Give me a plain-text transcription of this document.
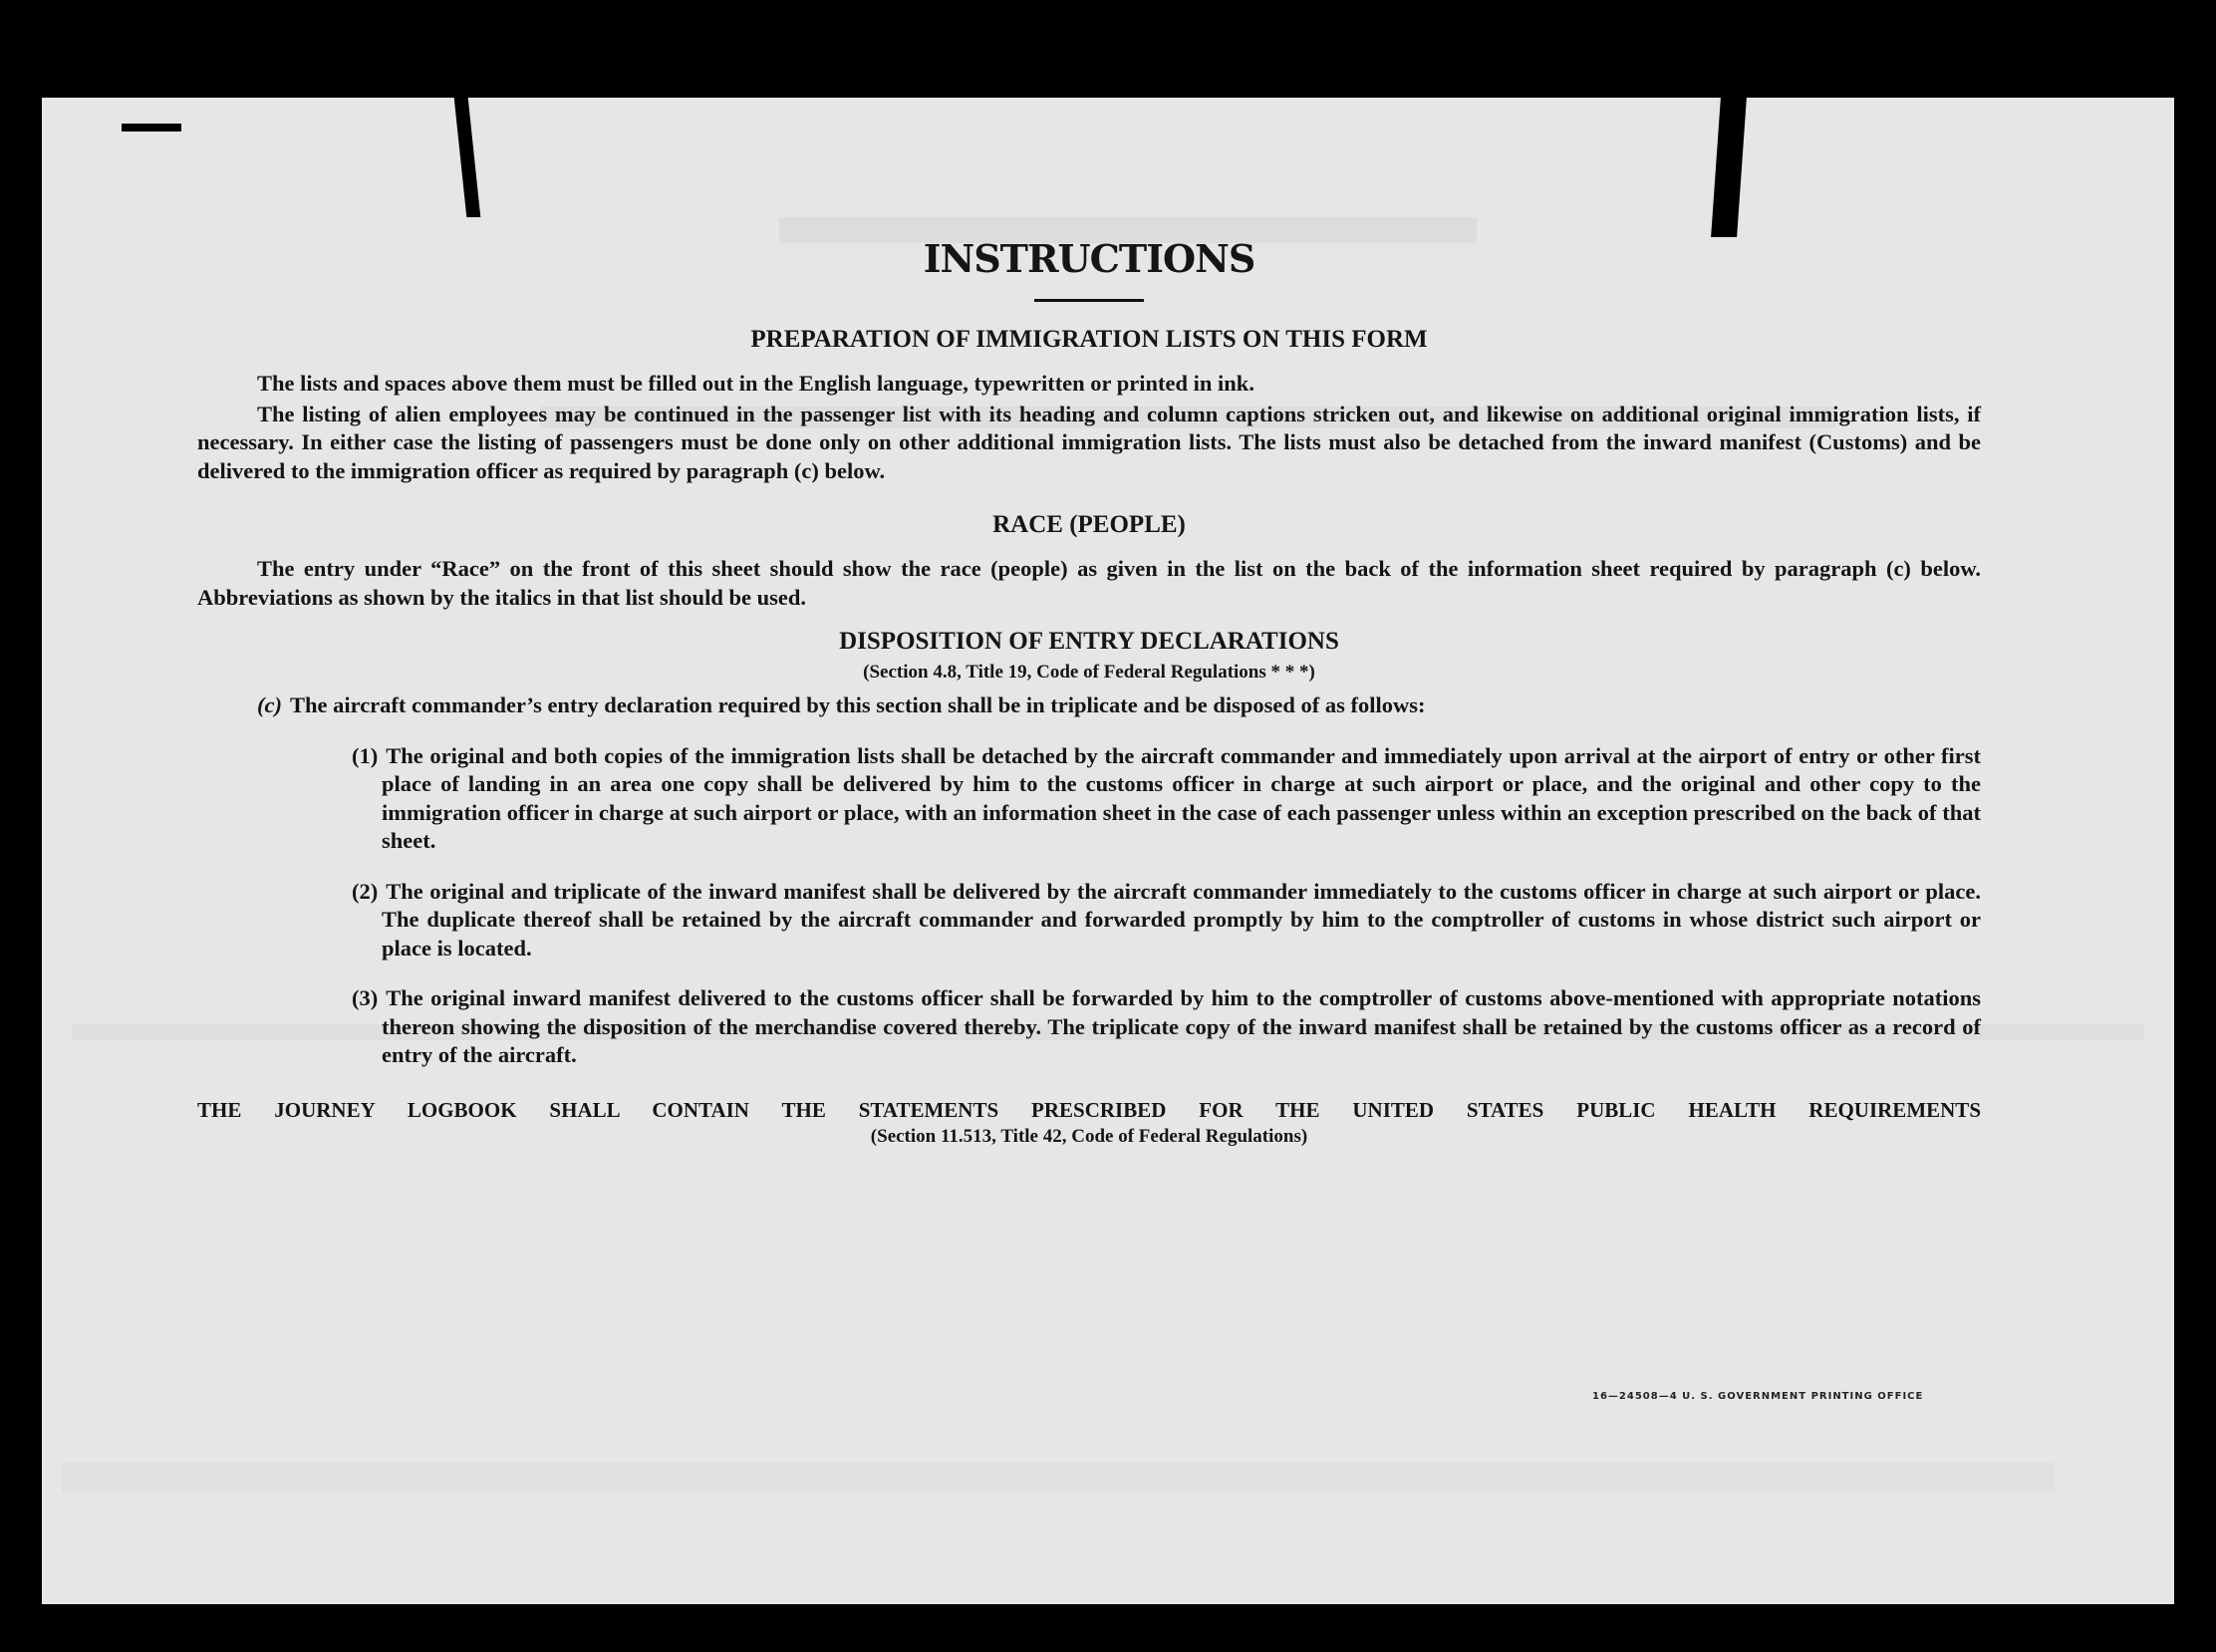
16—24508—4 U. S. GOVERNMENT PRINTING OFFICE
INSTRUCTIONS
PREPARATION OF IMMIGRATION LISTS ON THIS FORM

The lists and spaces above them must be filled out in the English language, typewritten or printed in ink.

The listing of alien employees may be continued in the passenger list with its heading and column captions stricken out, and likewise on additional original immigration lists, if necessary. In either case the listing of passengers must be done only on other additional immigration lists. The lists must also be detached from the inward manifest (Customs) and be delivered to the immigration officer as required by paragraph (c) below.

RACE (PEOPLE)

The entry under “Race” on the front of this sheet should show the race (people) as given in the list on the back of the information sheet required by paragraph (c) below. Abbreviations as shown by the italics in that list should be used.

DISPOSITION OF ENTRY DECLARATIONS
(Section 4.8, Title 19, Code of Federal Regulations * * *)
(c) The aircraft commander’s entry declaration required by this section shall be in triplicate and be disposed of as follows:
(1) The original and both copies of the immigration lists shall be detached by the aircraft commander and immediately upon arrival at the airport of entry or other first place of landing in an area one copy shall be delivered by him to the customs officer in charge at such airport or place, and the original and other copy to the immigration officer in charge at such airport or place, with an information sheet in the case of each passenger unless within an exception prescribed on the back of that sheet.
(2) The original and triplicate of the inward manifest shall be delivered by the aircraft commander immediately to the customs officer in charge at such airport or place. The duplicate thereof shall be retained by the aircraft commander and forwarded promptly by him to the comptroller of customs in whose district such airport or place is located.
(3) The original inward manifest delivered to the customs officer shall be forwarded by him to the comptroller of customs above-mentioned with appropriate notations thereon showing the disposition of the merchandise covered thereby. The triplicate copy of the inward manifest shall be retained by the customs officer as a record of entry of the aircraft.
THE JOURNEY LOGBOOK SHALL CONTAIN THE STATEMENTS PRESCRIBED FOR THE UNITED STATES PUBLIC HEALTH REQUIREMENTS
(Section 11.513, Title 42, Code of Federal Regulations)
